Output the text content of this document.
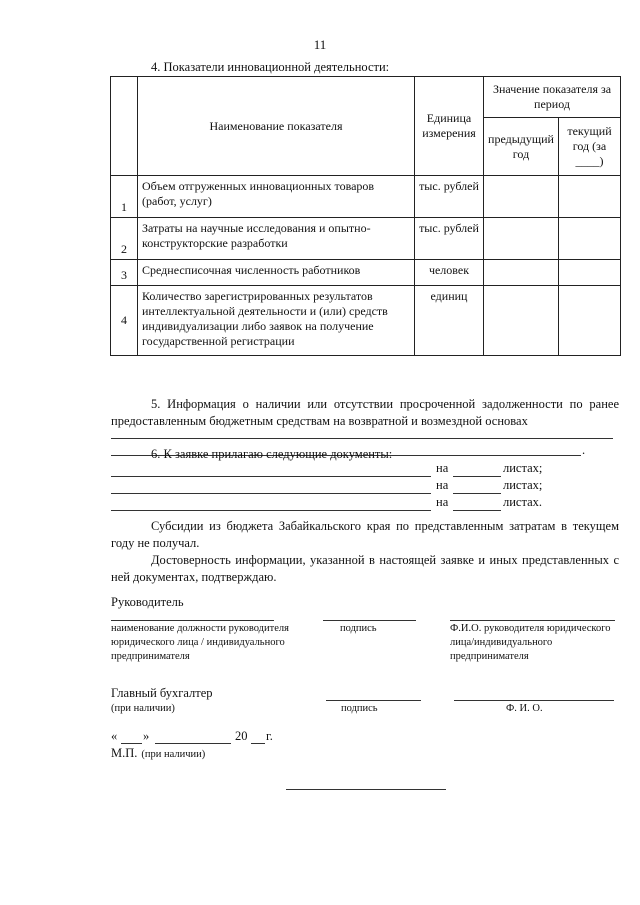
11
4. Показатели инновационной деятельности:
	Наименование показателя	Единица измерения	Значение показателя за период	
			предыдущий год	текущий год (за ____)
1	Объем отгруженных инновационных товаров (работ, услуг)	тыс. рублей		
2	Затраты на научные исследования и опытно-конструкторские разработки	тыс. рублей		
3	Среднесписочная численность работников	человек		
4	Количество зарегистрированных результатов интеллектуальной деятельности и (или) средств индивидуализации либо заявок на получение государственной регистрации	единиц		
5. Информация о наличии или отсутствии просроченной задолженности по ранее предоставленным бюджетным средствам на возвратной и возмездной основах
.
6. К заявке прилагаю следующие документы:
на	листах;
на	листах;
на	листах.

Субсидии из бюджета Забайкальского края по представленным затратам в текущем году не получал.

Достоверность информации, указанной в настоящей заявке и иных представленных с ней документах, подтверждаю.

Руководитель
наименование должности руководителя юридического лица / индивидуального предпринимателя
подпись	Ф.И.О. руководителя юридического лица/индивидуального предпринимателя
Главный бухгалтер
(при наличии)	подпись	Ф. И. О.
« »	20 г.
М.П. (при наличии)
